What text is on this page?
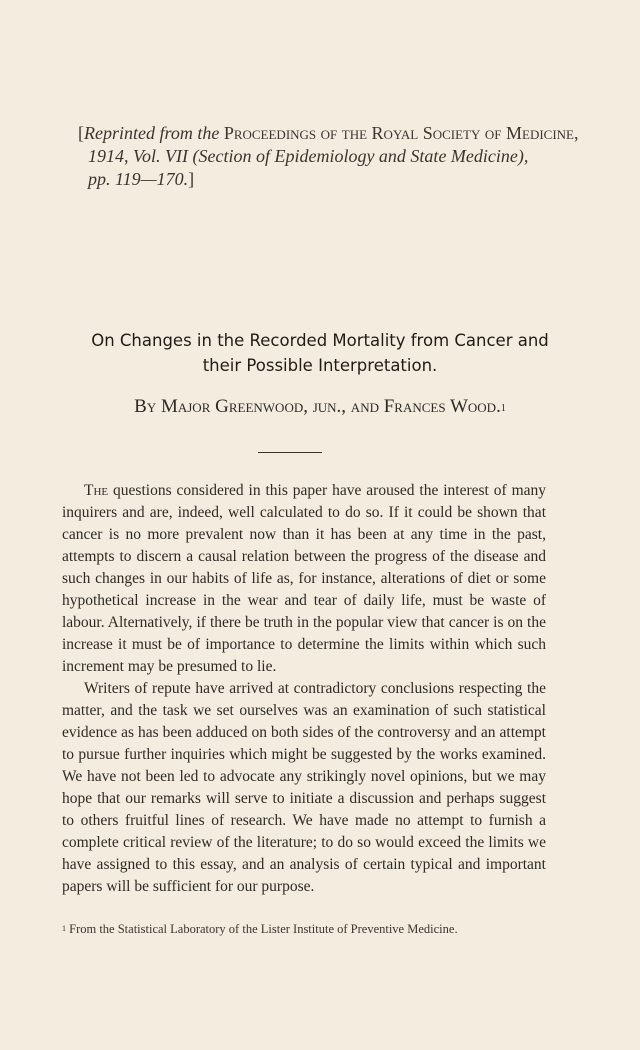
[Reprinted from the Proceedings of the Royal Society of Medicine,
1914, Vol. VII (Section of Epidemiology and State Medicine),
pp. 119—170.]
On Changes in the Recorded Mortality from Cancer and
their Possible Interpretation.
By Major Greenwood, jun., and Frances Wood.$^1$

The questions considered in this paper have aroused the interest of many inquirers and are, indeed, well calculated to do so. If it could be shown that cancer is no more prevalent now than it has been at any time in the past, attempts to discern a causal relation between the progress of the disease and such changes in our habits of life as, for instance, alterations of diet or some hypothetical increase in the wear and tear of daily life, must be waste of labour. Alternatively, if there be truth in the popular view that cancer is on the increase it must be of importance to determine the limits within which such increment may be presumed to lie.

Writers of repute have arrived at contradictory conclusions respecting the matter, and the task we set ourselves was an examination of such statistical evidence as has been adduced on both sides of the controversy and an attempt to pursue further inquiries which might be suggested by the works examined. We have not been led to advocate any strikingly novel opinions, but we may hope that our remarks will serve to initiate a discussion and perhaps suggest to others fruitful lines of research. We have made no attempt to furnish a complete critical review of the literature; to do so would exceed the limits we have assigned to this essay, and an analysis of certain typical and important papers will be sufficient for our purpose.

$^1$ From the Statistical Laboratory of the Lister Institute of Preventive Medicine.
